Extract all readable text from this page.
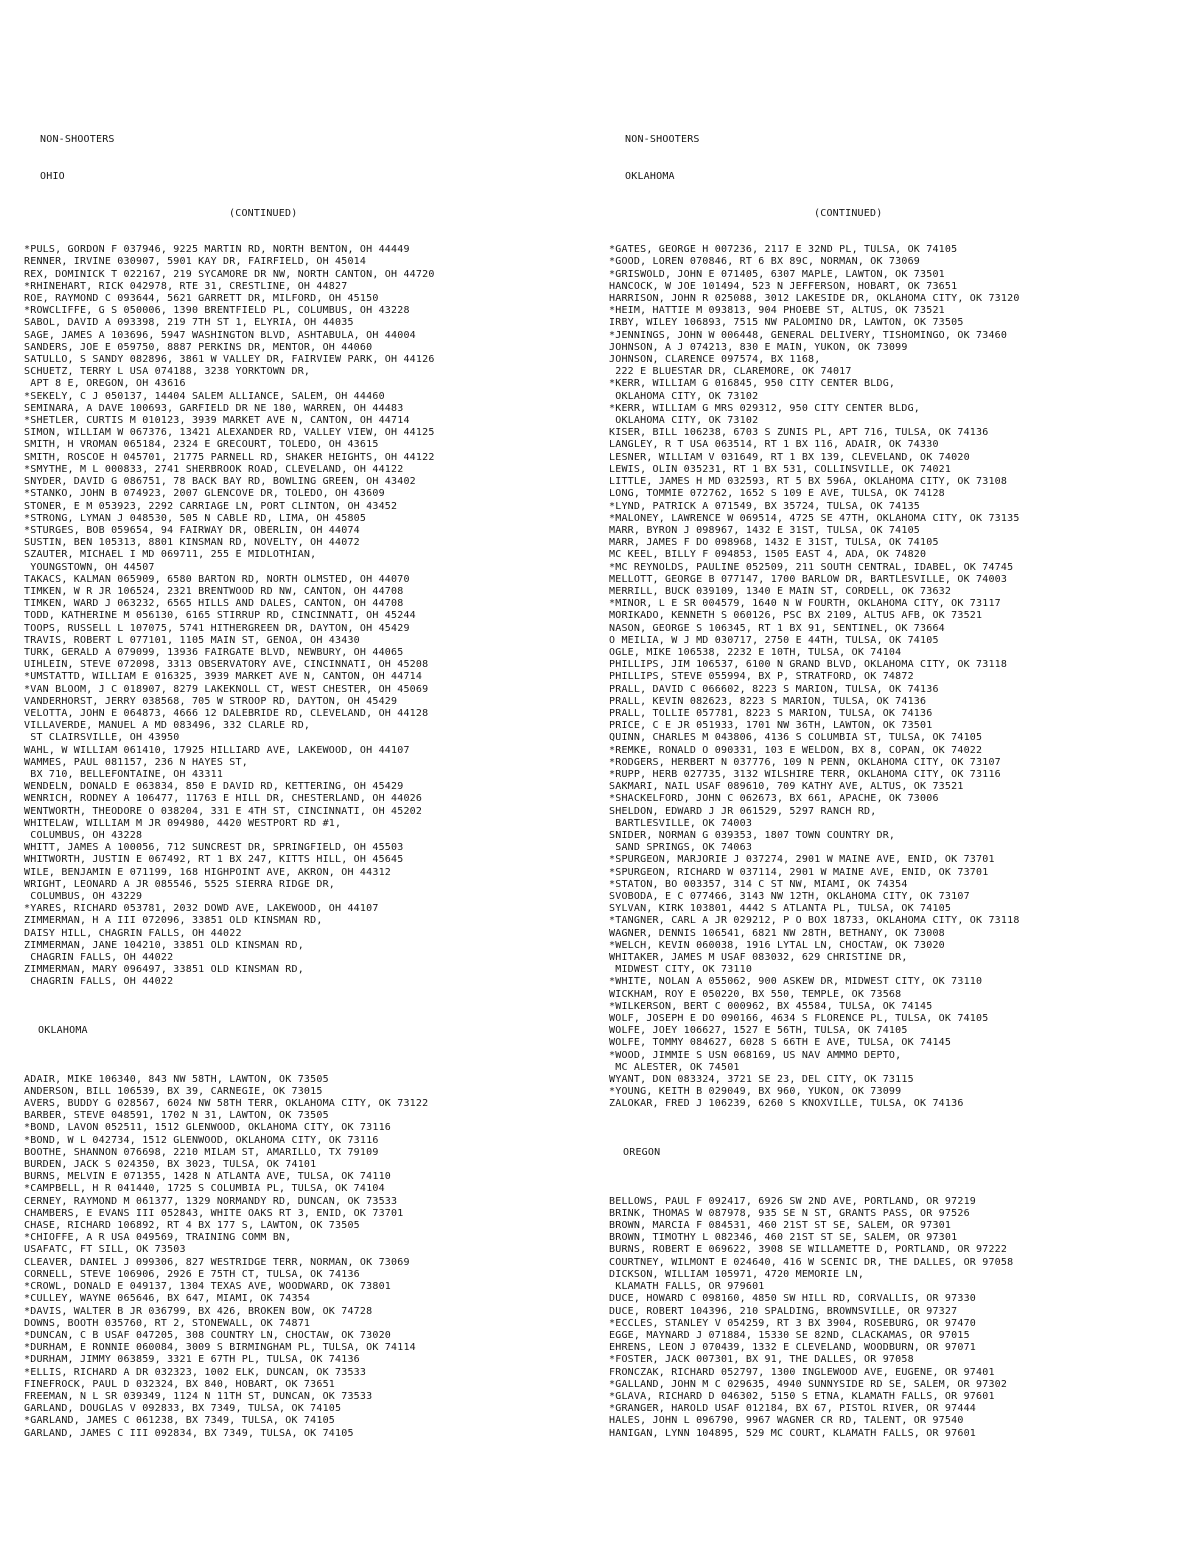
NON-SHOOTERS

OHIO

(CONTINUED)

*PULS, GORDON F 037946, 9225 MARTIN RD, NORTH BENTON, OH 44449
RENNER, IRVINE 030907, 5901 KAY DR, FAIRFIELD, OH 45014
REX, DOMINICK T 022167, 219 SYCAMORE DR NW, NORTH CANTON, OH 44720
*RHINEHART, RICK 042978, RTE 31, CRESTLINE, OH 44827
ROE, RAYMOND C 093644, 5621 GARRETT DR, MILFORD, OH 45150
*ROWCLIFFE, G S 050006, 1390 BRENTFIELD PL, COLUMBUS, OH 43228
SABOL, DAVID A 093398, 219 7TH ST 1, ELYRIA, OH 44035
SAGE, JAMES A 103696, 5947 WASHINGTON BLVD, ASHTABULA, OH 44004
SANDERS, JOE E 059750, 8887 PERKINS DR, MENTOR, OH 44060
SATULLO, S SANDY 082896, 3861 W VALLEY DR, FAIRVIEW PARK, OH 44126
SCHUETZ, TERRY L USA 074188, 3238 YORKTOWN DR,
APT 8 E, OREGON, OH 43616
*SEKELY, C J 050137, 14404 SALEM ALLIANCE, SALEM, OH 44460
SEMINARA, A DAVE 100693, GARFIELD DR NE 180, WARREN, OH 44483
*SHETLER, CURTIS M 010123, 3939 MARKET AVE N, CANTON, OH 44714
SIMON, WILLIAM W 067376, 13421 ALEXANDER RD, VALLEY VIEW, OH 44125
SMITH, H VROMAN 065184, 2324 E GRECOURT, TOLEDO, OH 43615
SMITH, ROSCOE H 045701, 21775 PARNELL RD, SHAKER HEIGHTS, OH 44122
*SMYTHE, M L 000833, 2741 SHERBROOK ROAD, CLEVELAND, OH 44122
SNYDER, DAVID G 086751, 78 BACK BAY RD, BOWLING GREEN, OH 43402
*STANKO, JOHN B 074923, 2007 GLENCOVE DR, TOLEDO, OH 43609
STONER, E M 053923, 2292 CARRIAGE LN, PORT CLINTON, OH 43452
*STRONG, LYMAN J 048530, 505 N CABLE RD, LIMA, OH 45805
*STURGES, BOB 059654, 94 FAIRWAY DR, OBERLIN, OH 44074
SUSTIN, BEN 105313, 8801 KINSMAN RD, NOVELTY, OH 44072
SZAUTER, MICHAEL I MD 069711, 255 E MIDLOTHIAN,
YOUNGSTOWN, OH 44507
TAKACS, KALMAN 065909, 6580 BARTON RD, NORTH OLMSTED, OH 44070
TIMKEN, W R JR 106524, 2321 BRENTWOOD RD NW, CANTON, OH 44708
TIMKEN, WARD J 063232, 6565 HILLS AND DALES, CANTON, OH 44708
TODD, KATHERINE M 056130, 6165 STIRRUP RD, CINCINNATI, OH 45244
TOOPS, RUSSELL L 107075, 5741 HITHERGREEN DR, DAYTON, OH 45429
TRAVIS, ROBERT L 077101, 1105 MAIN ST, GENOA, OH 43430
TURK, GERALD A 079099, 13936 FAIRGATE BLVD, NEWBURY, OH 44065
UIHLEIN, STEVE 072098, 3313 OBSERVATORY AVE, CINCINNATI, OH 45208
*UMSTATTD, WILLIAM E 016325, 3939 MARKET AVE N, CANTON, OH 44714
*VAN BLOOM, J C 018907, 8279 LAKEKNOLL CT, WEST CHESTER, OH 45069
VANDERHORST, JERRY 038568, 705 W STROOP RD, DAYTON, OH 45429
VELOTTA, JOHN E 064873, 4666 12 DALEBRIDE RD, CLEVELAND, OH 44128
VILLAVERDE, MANUEL A MD 083496, 332 CLARLE RD,
ST CLAIRSVILLE, OH 43950
WAHL, W WILLIAM 061410, 17925 HILLIARD AVE, LAKEWOOD, OH 44107
WAMMES, PAUL 081157, 236 N HAYES ST,
BX 710, BELLEFONTAINE, OH 43311
WENDELN, DONALD E 063834, 850 E DAVID RD, KETTERING, OH 45429
WENRICH, RODNEY A 106477, 11763 E HILL DR, CHESTERLAND, OH 44026
WENTWORTH, THEODORE O 038204, 331 E 4TH ST, CINCINNATI, OH 45202
WHITELAW, WILLIAM M JR 094980, 4420 WESTPORT RD #1,
COLUMBUS, OH 43228
WHITT, JAMES A 100056, 712 SUNCREST DR, SPRINGFIELD, OH 45503
WHITWORTH, JUSTIN E 067492, RT 1 BX 247, KITTS HILL, OH 45645
WILE, BENJAMIN E 071199, 168 HIGHPOINT AVE, AKRON, OH 44312
WRIGHT, LEONARD A JR 085546, 5525 SIERRA RIDGE DR,
COLUMBUS, OH 43229
*YARES, RICHARD 053781, 2032 DOWD AVE, LAKEWOOD, OH 44107
ZIMMERMAN, H A III 072096, 33851 OLD KINSMAN RD,
DAISY HILL, CHAGRIN FALLS, OH 44022
ZIMMERMAN, JANE 104210, 33851 OLD KINSMAN RD,
CHAGRIN FALLS, OH 44022
ZIMMERMAN, MARY 096497, 33851 OLD KINSMAN RD,
CHAGRIN FALLS, OH 44022

OKLAHOMA

ADAIR, MIKE 106340, 843 NW 58TH, LAWTON, OK 73505
ANDERSON, BILL 106539, BX 39, CARNEGIE, OK 73015
AVERS, BUDDY G 028567, 6024 NW 58TH TERR, OKLAHOMA CITY, OK 73122
BARBER, STEVE 048591, 1702 N 31, LAWTON, OK 73505
*BOND, LAVON 052511, 1512 GLENWOOD, OKLAHOMA CITY, OK 73116
*BOND, W L 042734, 1512 GLENWOOD, OKLAHOMA CITY, OK 73116
BOOTHE, SHANNON 076698, 2210 MILAM ST, AMARILLO, TX 79109
BURDEN, JACK S 024350, BX 3023, TULSA, OK 74101
BURNS, MELVIN E 071355, 1428 N ATLANTA AVE, TULSA, OK 74110
*CAMPBELL, H R 041440, 1725 S COLUMBIA PL, TULSA, OK 74104
CERNEY, RAYMOND M 061377, 1329 NORMANDY RD, DUNCAN, OK 73533
CHAMBERS, E EVANS III 052843, WHITE OAKS RT 3, ENID, OK 73701
CHASE, RICHARD 106892, RT 4 BX 177 S, LAWTON, OK 73505
*CHIOFFE, A R USA 049569, TRAINING COMM BN,
USAFATC, FT SILL, OK 73503
CLEAVER, DANIEL J 099306, 827 WESTRIDGE TERR, NORMAN, OK 73069
CORNELL, STEVE 106906, 2926 E 75TH CT, TULSA, OK 74136
*CROWL, DONALD E 049137, 1304 TEXAS AVE, WOODWARD, OK 73801
*CULLEY, WAYNE 065646, BX 647, MIAMI, OK 74354
*DAVIS, WALTER B JR 036799, BX 426, BROKEN BOW, OK 74728
DOWNS, BOOTH 035760, RT 2, STONEWALL, OK 74871
*DUNCAN, C B USAF 047205, 308 COUNTRY LN, CHOCTAW, OK 73020
*DURHAM, E RONNIE 060084, 3009 S BIRMINGHAM PL, TULSA, OK 74114
*DURHAM, JIMMY 063859, 3321 E 67TH PL, TULSA, OK 74136
*ELLIS, RICHARD A DR 032323, 1002 ELK, DUNCAN, OK 73533
FINEFROCK, PAUL D 032324, BX 840, HOBART, OK 73651
FREEMAN, N L SR 039349, 1124 N 11TH ST, DUNCAN, OK 73533
GARLAND, DOUGLAS V 092833, BX 7349, TULSA, OK 74105
*GARLAND, JAMES C 061238, BX 7349, TULSA, OK 74105
GARLAND, JAMES C III 092834, BX 7349, TULSA, OK 74105

NON-SHOOTERS

OKLAHOMA

(CONTINUED)

*GATES, GEORGE H 007236, 2117 E 32ND PL, TULSA, OK 74105
*GOOD, LOREN 070846, RT 6 BX 89C, NORMAN, OK 73069
*GRISWOLD, JOHN E 071405, 6307 MAPLE, LAWTON, OK 73501
HANCOCK, W JOE 101494, 523 N JEFFERSON, HOBART, OK 73651
HARRISON, JOHN R 025088, 3012 LAKESIDE DR, OKLAHOMA CITY, OK 73120
*HEIM, HATTIE M 093813, 904 PHOEBE ST, ALTUS, OK 73521
IRBY, WILEY 106893, 7515 NW PALOMINO DR, LAWTON, OK 73505
*JENNINGS, JOHN W 006448, GENERAL DELIVERY, TISHOMINGO, OK 73460
JOHNSON, A J 074213, 830 E MAIN, YUKON, OK 73099
JOHNSON, CLARENCE 097574, BX 1168,
222 E BLUESTAR DR, CLAREMORE, OK 74017
*KERR, WILLIAM G 016845, 950 CITY CENTER BLDG,
OKLAHOMA CITY, OK 73102
*KERR, WILLIAM G MRS 029312, 950 CITY CENTER BLDG,
OKLAHOMA CITY, OK 73102
KISER, BILL 106238, 6703 S ZUNIS PL, APT 716, TULSA, OK 74136
LANGLEY, R T USA 063514, RT 1 BX 116, ADAIR, OK 74330
LESNER, WILLIAM V 031649, RT 1 BX 139, CLEVELAND, OK 74020
LEWIS, OLIN 035231, RT 1 BX 531, COLLINSVILLE, OK 74021
LITTLE, JAMES H MD 032593, RT 5 BX 596A, OKLAHOMA CITY, OK 73108
LONG, TOMMIE 072762, 1652 S 109 E AVE, TULSA, OK 74128
*LYND, PATRICK A 071549, BX 35724, TULSA, OK 74135
*MALONEY, LAWRENCE W 069514, 4725 SE 47TH, OKLAHOMA CITY, OK 73135
MARR, BYRON J 098967, 1432 E 31ST, TULSA, OK 74105
MARR, JAMES F DO 098968, 1432 E 31ST, TULSA, OK 74105
MC KEEL, BILLY F 094853, 1505 EAST 4, ADA, OK 74820
*MC REYNOLDS, PAULINE 052509, 211 SOUTH CENTRAL, IDABEL, OK 74745
MELLOTT, GEORGE B 077147, 1700 BARLOW DR, BARTLESVILLE, OK 74003
MERRILL, BUCK 039109, 1340 E MAIN ST, CORDELL, OK 73632
*MINOR, L E SR 004579, 1640 N W FOURTH, OKLAHOMA CITY, OK 73117
MORIKADO, KENNETH S 060126, PSC BX 2109, ALTUS AFB, OK 73521
NASON, GEORGE S 106345, RT 1 BX 91, SENTINEL, OK 73664
O MEILIA, W J MD 030717, 2750 E 44TH, TULSA, OK 74105
OGLE, MIKE 106538, 2232 E 10TH, TULSA, OK 74104
PHILLIPS, JIM 106537, 6100 N GRAND BLVD, OKLAHOMA CITY, OK 73118
PHILLIPS, STEVE 055994, BX P, STRATFORD, OK 74872
PRALL, DAVID C 066602, 8223 S MARION, TULSA, OK 74136
PRALL, KEVIN 082623, 8223 S MARION, TULSA, OK 74136
PRALL, TOLLIE 057781, 8223 S MARION, TULSA, OK 74136
PRICE, C E JR 051933, 1701 NW 36TH, LAWTON, OK 73501
QUINN, CHARLES M 043806, 4136 S COLUMBIA ST, TULSA, OK 74105
*REMKE, RONALD O 090331, 103 E WELDON, BX 8, COPAN, OK 74022
*RODGERS, HERBERT N 037776, 109 N PENN, OKLAHOMA CITY, OK 73107
*RUPP, HERB 027735, 3132 WILSHIRE TERR, OKLAHOMA CITY, OK 73116
SAKMARI, NAIL USAF 089610, 709 KATHY AVE, ALTUS, OK 73521
*SHACKELFORD, JOHN C 062673, BX 661, APACHE, OK 73006
SHELDON, EDWARD J JR 061529, 5297 RANCH RD,
BARTLESVILLE, OK 74003
SNIDER, NORMAN G 039353, 1807 TOWN COUNTRY DR,
SAND SPRINGS, OK 74063
*SPURGEON, MARJORIE J 037274, 2901 W MAINE AVE, ENID, OK 73701
*SPURGEON, RICHARD W 037114, 2901 W MAINE AVE, ENID, OK 73701
*STATON, BO 003357, 314 C ST NW, MIAMI, OK 74354
SVOBODA, E C 077466, 3143 NW 12TH, OKLAHOMA CITY, OK 73107
SYLVAN, KIRK 103801, 4442 S ATLANTA PL, TULSA, OK 74105
*TANGNER, CARL A JR 029212, P O BOX 18733, OKLAHOMA CITY, OK 73118
WAGNER, DENNIS 106541, 6821 NW 28TH, BETHANY, OK 73008
*WELCH, KEVIN 060038, 1916 LYTAL LN, CHOCTAW, OK 73020
WHITAKER, JAMES M USAF 083032, 629 CHRISTINE DR,
MIDWEST CITY, OK 73110
*WHITE, NOLAN A 055062, 900 ASKEW DR, MIDWEST CITY, OK 73110
WICKHAM, ROY E 050220, BX 550, TEMPLE, OK 73568
*WILKERSON, BERT C 000962, BX 45584, TULSA, OK 74145
WOLF, JOSEPH E DO 090166, 4634 S FLORENCE PL, TULSA, OK 74105
WOLFE, JOEY 106627, 1527 E 56TH, TULSA, OK 74105
WOLFE, TOMMY 084627, 6028 S 66TH E AVE, TULSA, OK 74145
*WOOD, JIMMIE S USN 068169, US NAV AMMMO DEPTO,
MC ALESTER, OK 74501
WYANT, DON 083324, 3721 SE 23, DEL CITY, OK 73115
*YOUNG, KEITH B 029049, BX 960, YUKON, OK 73099
ZALOKAR, FRED J 106239, 6260 S KNOXVILLE, TULSA, OK 74136

OREGON

BELLOWS, PAUL F 092417, 6926 SW 2ND AVE, PORTLAND, OR 97219
BRINK, THOMAS W 087978, 935 SE N ST, GRANTS PASS, OR 97526
BROWN, MARCIA F 084531, 460 21ST ST SE, SALEM, OR 97301
BROWN, TIMOTHY L 082346, 460 21ST ST SE, SALEM, OR 97301
BURNS, ROBERT E 069622, 3908 SE WILLAMETTE D, PORTLAND, OR 97222
COURTNEY, WILMONT E 024640, 416 W SCENIC DR, THE DALLES, OR 97058
DICKSON, WILLIAM 105971, 4720 MEMORIE LN,
KLAMATH FALLS, OR 979601
DUCE, HOWARD C 098160, 4850 SW HILL RD, CORVALLIS, OR 97330
DUCE, ROBERT 104396, 210 SPALDING, BROWNSVILLE, OR 97327
*ECCLES, STANLEY V 054259, RT 3 BX 3904, ROSEBURG, OR 97470
EGGE, MAYNARD J 071884, 15330 SE 82ND, CLACKAMAS, OR 97015
EHRENS, LEON J 070439, 1332 E CLEVELAND, WOODBURN, OR 97071
*FOSTER, JACK 007301, BX 91, THE DALLES, OR 97058
FRONCZAK, RICHARD 052797, 1300 INGLEWOOD AVE, EUGENE, OR 97401
*GALLAND, JOHN M C 029635, 4940 SUNNYSIDE RD SE, SALEM, OR 97302
*GLAVA, RICHARD D 046302, 5150 S ETNA, KLAMATH FALLS, OR 97601
*GRANGER, HAROLD USAF 012184, BX 67, PISTOL RIVER, OR 97444
HALES, JOHN L 096790, 9967 WAGNER CR RD, TALENT, OR 97540
HANIGAN, LYNN 104895, 529 MC COURT, KLAMATH FALLS, OR 97601
